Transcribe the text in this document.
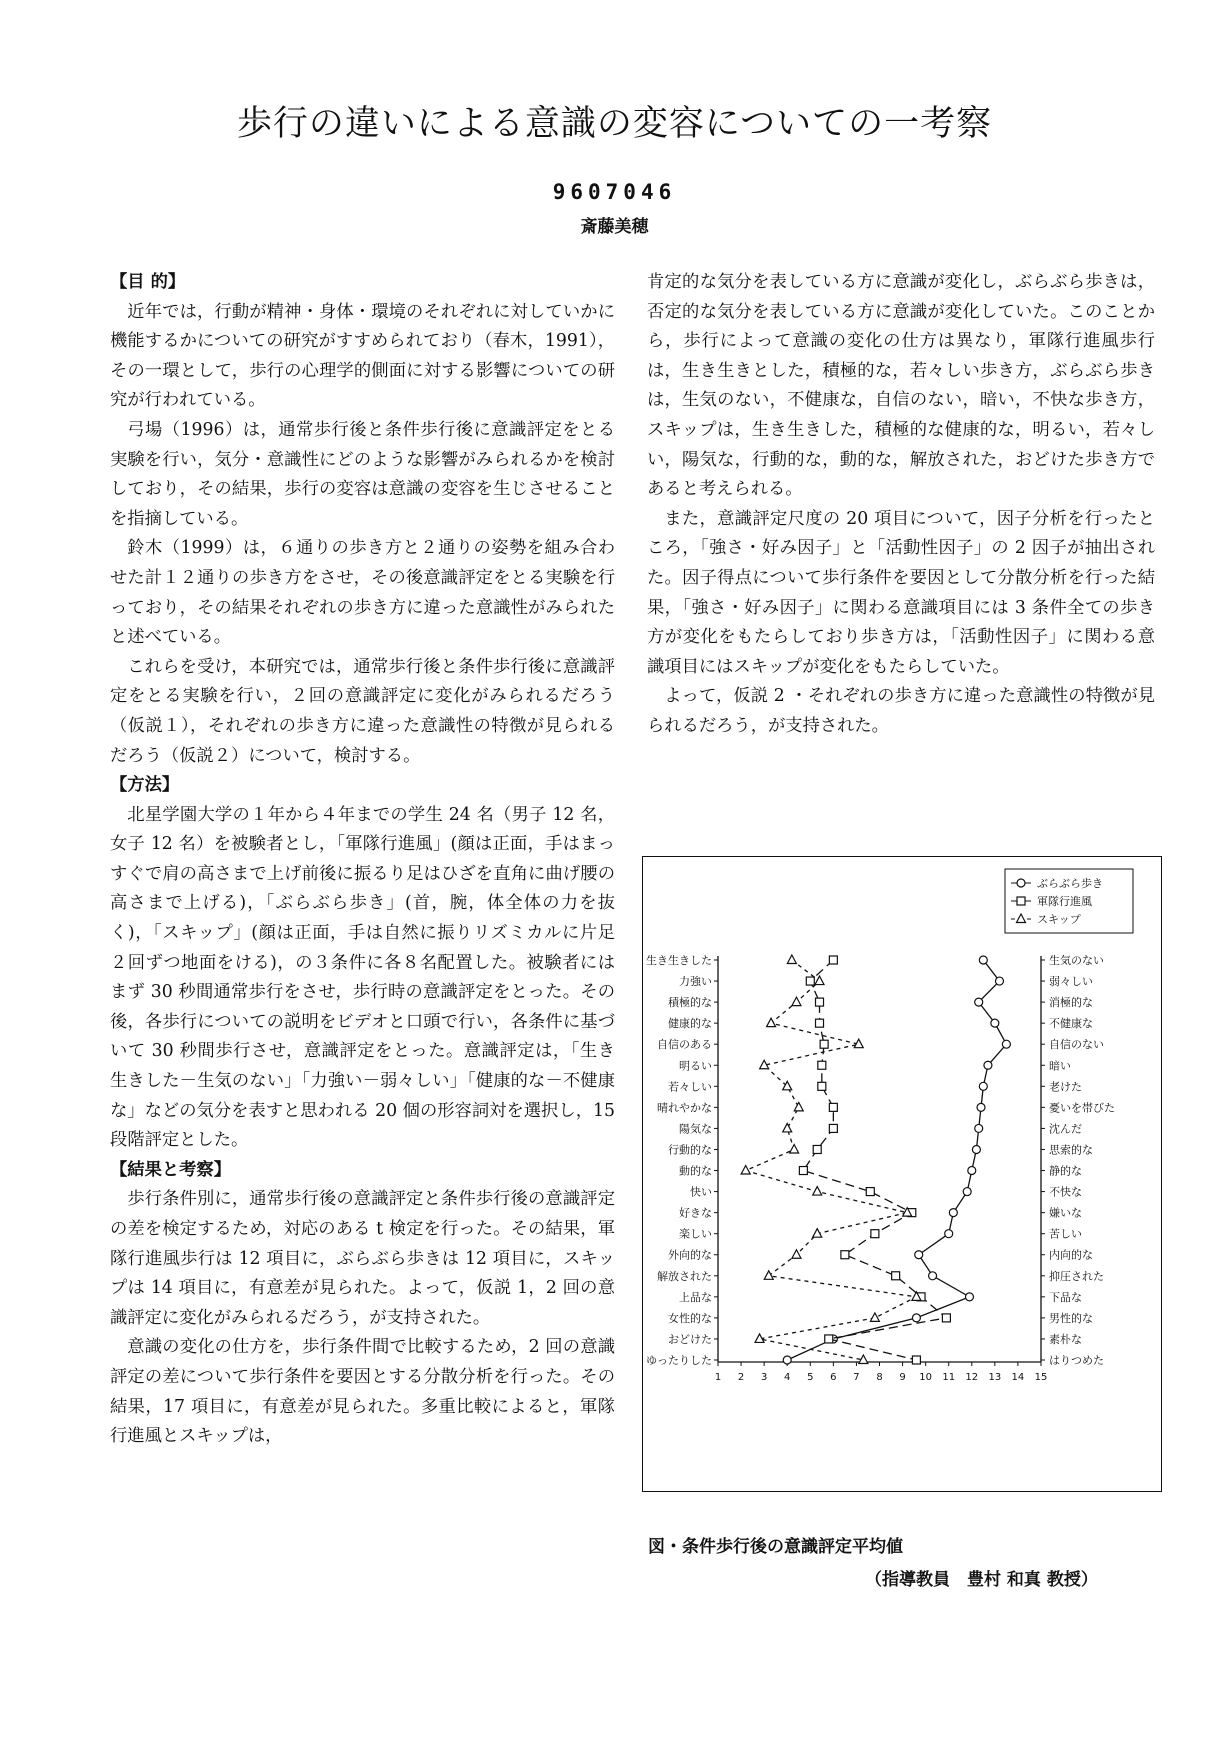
歩行の違いによる意識の変容についての一考察
9607046
斎藤美穂
【目 的】

近年では，行動が精神・身体・環境のそれぞれに対していかに機能するかについての研究がすすめられており（春木，1991），その一環として，歩行の心理学的側面に対する影響についての研究が行われている。

弓場（1996）は，通常歩行後と条件歩行後に意識評定をとる実験を行い，気分・意識性にどのような影響がみられるかを検討しており，その結果，歩行の変容は意識の変容を生じさせることを指摘している。

鈴木（1999）は，６通りの歩き方と２通りの姿勢を組み合わせた計１２通りの歩き方をさせ，その後意識評定をとる実験を行っており，その結果それぞれの歩き方に違った意識性がみられたと述べている。

これらを受け，本研究では，通常歩行後と条件歩行後に意識評定をとる実験を行い，２回の意識評定に変化がみられるだろう（仮説１），それぞれの歩き方に違った意識性の特徴が見られるだろう（仮説２）について，検討する。

【方法】

北星学園大学の１年から４年までの学生 24 名（男子 12 名，女子 12 名）を被験者とし，「軍隊行進風」(顔は正面，手はまっすぐで肩の高さまで上げ前後に振るり足はひざを直角に曲げ腰の高さまで上げる)，「ぶらぶら歩き」(首，腕，体全体の力を抜く)，「スキップ」(顔は正面，手は自然に振りリズミカルに片足２回ずつ地面をける)，の３条件に各８名配置した。被験者にはまず 30 秒間通常歩行をさせ，歩行時の意識評定をとった。その後，各歩行についての説明をビデオと口頭で行い，各条件に基づいて 30 秒間歩行させ，意識評定をとった。意識評定は，「生き生きした－生気のない」「力強い－弱々しい」「健康的な－不健康な」などの気分を表すと思われる 20 個の形容詞対を選択し，15 段階評定とした。

【結果と考察】

歩行条件別に，通常歩行後の意識評定と条件歩行後の意識評定の差を検定するため，対応のある t 検定を行った。その結果，軍隊行進風歩行は 12 項目に，ぶらぶら歩きは 12 項目に，スキップは 14 項目に，有意差が見られた。よって，仮説 1，2 回の意識評定に変化がみられるだろう，が支持された。

意識の変化の仕方を，歩行条件間で比較するため，2 回の意識評定の差について歩行条件を要因とする分散分析を行った。その結果，17 項目に，有意差が見られた。多重比較によると，軍隊行進風とスキップは，

肯定的な気分を表している方に意識が変化し，ぶらぶら歩きは，否定的な気分を表している方に意識が変化していた。このことから，歩行によって意識の変化の仕方は異なり，軍隊行進風歩行は，生き生きとした，積極的な，若々しい歩き方，ぶらぶら歩きは，生気のない，不健康な，自信のない，暗い，不快な歩き方，スキップは，生き生きした，積極的な健康的な，明るい，若々しい，陽気な，行動的な，動的な，解放された，おどけた歩き方であると考えられる。

また，意識評定尺度の 20 項目について，因子分析を行ったところ，「強さ・好み因子」と「活動性因子」の 2 因子が抽出された。因子得点について歩行条件を要因として分散分析を行った結果，「強さ・好み因子」に関わる意識項目には 3 条件全ての歩き方が変化をもたらしており歩き方は，「活動性因子」に関わる意識項目にはスキップが変化をもたらしていた。

よって，仮説 2 ・それぞれの歩き方に違った意識性の特徴が見られるだろう，が支持された。

生き生きした	生気のない
力強い	弱々しい
積極的な	消極的な
健康的な	不健康な
自信のある	自信のない
明るい	暗い
若々しい	老けた
晴れやかな	憂いを帯びた
陽気な	沈んだ
行動的な	思索的な
動的な	静的な
快い	不快な
好きな	嫌いな
楽しい	苦しい
外向的な	内向的な
解放された	抑圧された
上品な	下品な
女性的な	男性的な
おどけた	素朴な
ゆったりした	はりつめた
1 2 3 4 5 6 7 8 9 10 11 12 13 14 15
ぶらぶら歩き
軍隊行進風
スキップ
図・条件歩行後の意識評定平均値
（指導教員　豊村 和真 教授）
